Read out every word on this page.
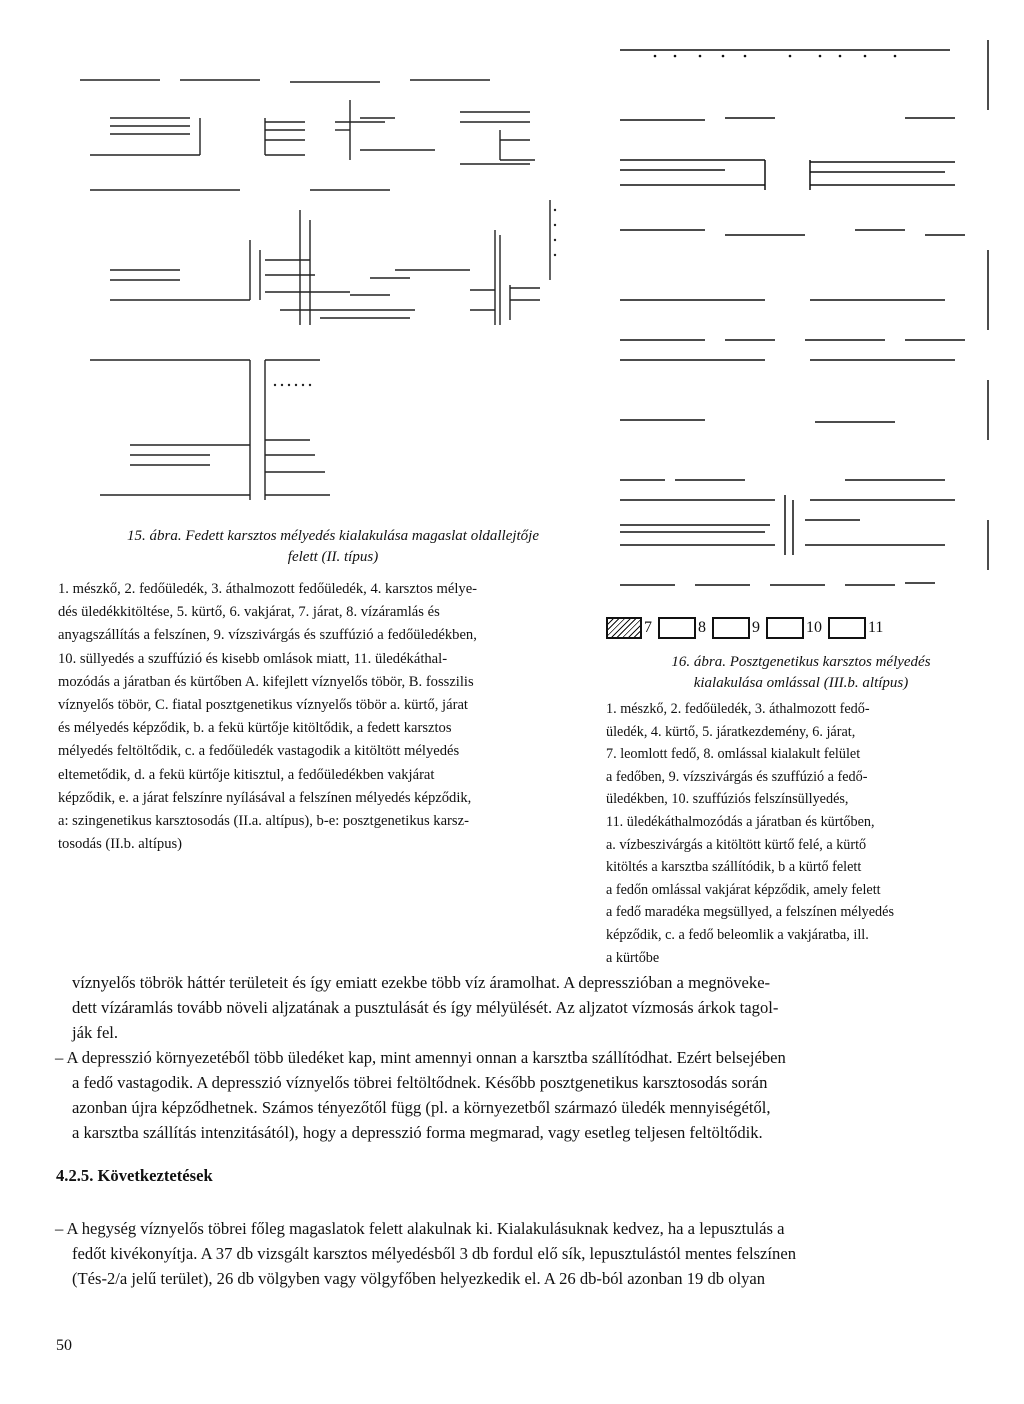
7	8	9	10	11
15. ábra. Fedett karsztos mélyedés kialakulása magaslat oldallejtője
felett (II. típus)
16. ábra. Posztgenetikus karsztos mélyedés
kialakulása omlással (III.b. altípus)

1. mészkő, 2. fedőüledék, 3. áthalmozott fedőüledék, 4. karsztos mélye-

dés üledékkitöltése, 5. kürtő, 6. vakjárat, 7. járat, 8. vízáramlás és

anyagszállítás a felszínen, 9. vízszivárgás és szuffúzió a fedőüledékben,

10. süllyedés a szuffúzió és kisebb omlások miatt, 11. üledékáthal-

mozódás a járatban és kürtőben A. kifejlett víznyelős töbör, B. fosszilis

víznyelős töbör, C. fiatal posztgenetikus víznyelős töbör a. kürtő, járat

és mélyedés képződik, b. a fekü kürtője kitöltődik, a fedett karsztos

mélyedés feltöltődik, c. a fedőüledék vastagodik a kitöltött mélyedés

eltemetődik, d. a fekü kürtője kitisztul, a fedőüledékben vakjárat

képződik, e. a járat felszínre nyílásával a felszínen mélyedés képződik,

a: szingenetikus karsztosodás (II.a. altípus), b-e: posztgenetikus karsz-

tosodás (II.b. altípus)

1. mészkő, 2. fedőüledék, 3. áthalmozott fedő-

üledék, 4. kürtő, 5. járatkezdemény, 6. járat,

7. leomlott fedő, 8. omlással kialakult felület

a fedőben, 9. vízszivárgás és szuffúzió a fedő-

üledékben, 10. szuffúziós felszínsüllyedés,

11. üledékáthalmozódás a járatban és kürtőben,

a. vízbeszivárgás a kitöltött kürtő felé, a kürtő

kitöltés a karsztba szállítódik, b a kürtő felett

a fedőn omlással vakjárat képződik, amely felett

a fedő maradéka megsüllyed, a felszínen mélyedés

képződik, c. a fedő beleomlik a vakjáratba, ill.

a kürtőbe

víznyelős töbrök háttér területeit és így emiatt ezekbe több víz áramolhat. A depresszióban a megnöveke-

dett vízáramlás tovább növeli aljzatának a pusztulását és így mélyülését. Az aljzatot vízmosás árkok tagol-

ják fel.

– A depresszió környezetéből több üledéket kap, mint amennyi onnan a karsztba szállítódhat. Ezért belsejében

a fedő vastagodik. A depresszió víznyelős töbrei feltöltődnek. Később posztgenetikus karsztosodás során

azonban újra képződhetnek. Számos tényezőtől függ (pl. a környezetből származó üledék mennyiségétől,

a karsztba szállítás intenzitásától), hogy a depresszió forma megmarad, vagy esetleg teljesen feltöltődik.

4.2.5. Következtetések

– A hegység víznyelős töbrei főleg magaslatok felett alakulnak ki. Kialakulásuknak kedvez, ha a lepusztulás a

fedőt kivékonyítja. A 37 db vizsgált karsztos mélyedésből 3 db fordul elő sík, lepusztulástól mentes felszínen

(Tés-2/a jelű terület), 26 db völgyben vagy völgyfőben helyezkedik el. A 26 db-ból azonban 19 db olyan

50
